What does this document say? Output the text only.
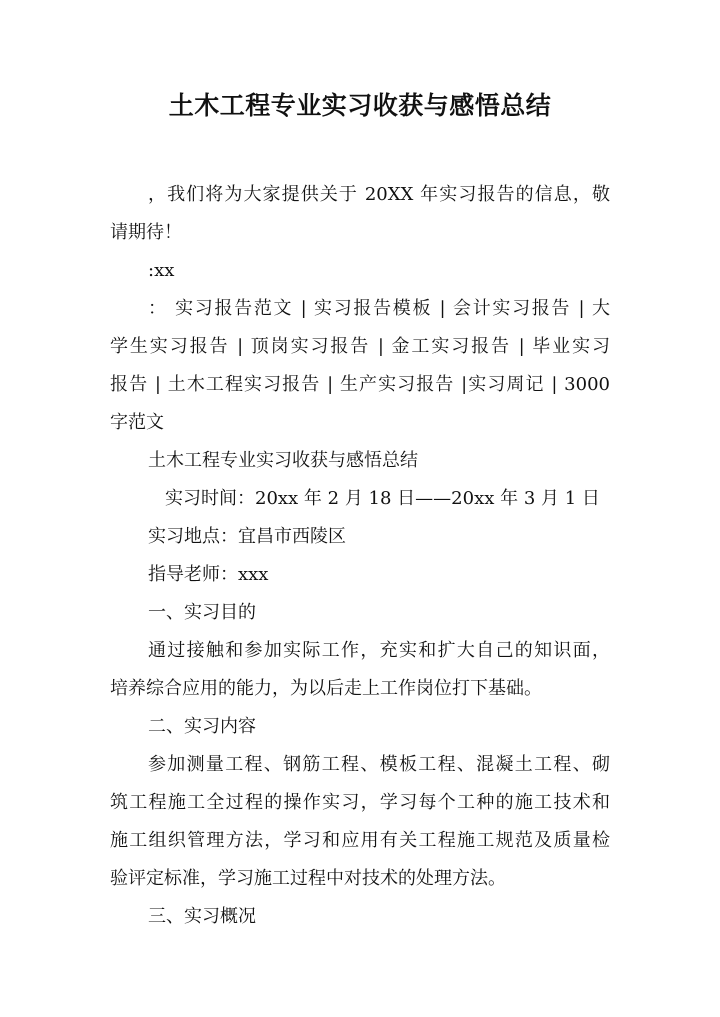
土木工程专业实习收获与感悟总结
，我们将为大家提供关于 20XX 年实习报告的信息，敬
请期待！
:xx
： 实习报告范文 | 实习报告模板 | 会计实习报告 | 大
学生实习报告 | 顶岗实习报告 | 金工实习报告 | 毕业实习
报告 | 土木工程实习报告 | 生产实习报告 |实习周记 | 3000
字范文
土木工程专业实习收获与感悟总结
实习时间：20xx 年 2 月 18 日——20xx 年 3 月 1 日
实习地点：宜昌市西陵区
指导老师：xxx
一、实习目的
通过接触和参加实际工作，充实和扩大自己的知识面，
培养综合应用的能力，为以后走上工作岗位打下基础。
二、实习内容
参加测量工程、钢筋工程、模板工程、混凝土工程、砌
筑工程施工全过程的操作实习，学习每个工种的施工技术和
施工组织管理方法，学习和应用有关工程施工规范及质量检
验评定标准，学习施工过程中对技术的处理方法。
三、实习概况
